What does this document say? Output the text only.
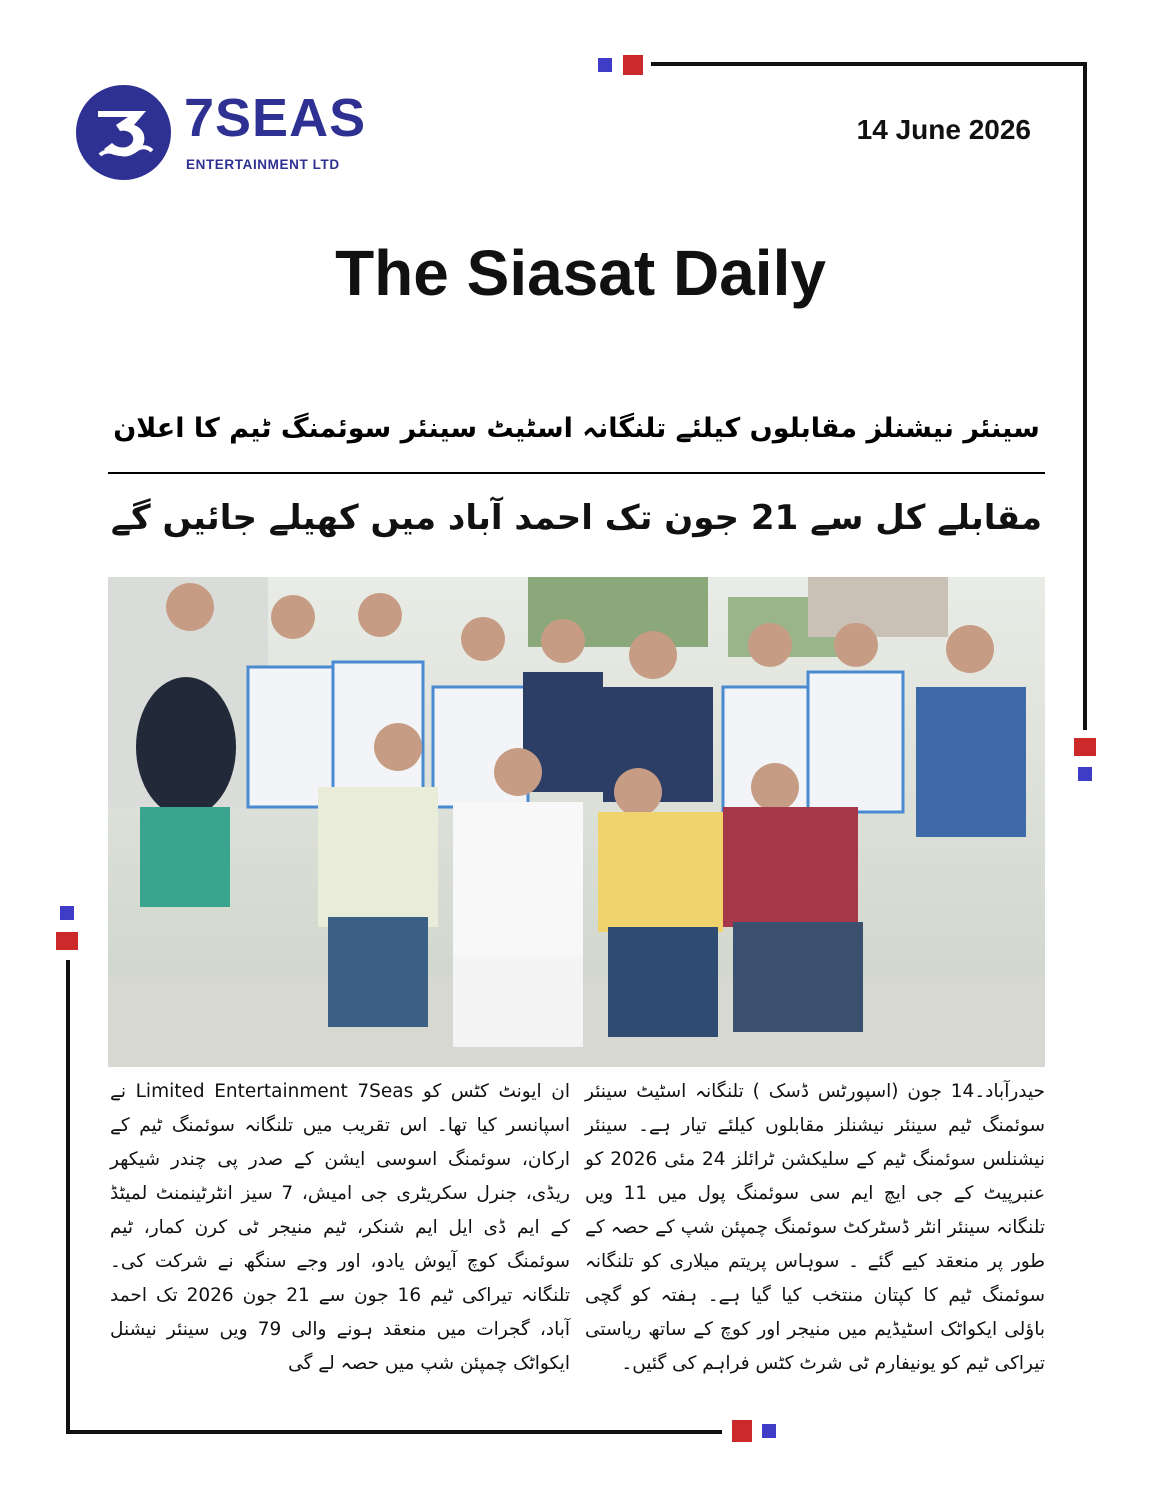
7SEAS
ENTERTAINMENT LTD
14 June 2026
The Siasat Daily
سینئر نیشنلز مقابلوں کیلئے تلنگانہ اسٹیٹ سینئر سوئمنگ ٹیم کا اعلان
مقابلے کل سے 21 جون تک احمد آباد میں کھیلے جائیں گے
حیدرآباد۔14 جون (اسپورٹس ڈسک ) تلنگانہ اسٹیٹ سینئر سوئمنگ ٹیم سینئر نیشنلز مقابلوں کیلئے تیار ہے۔ سینئر نیشنلس سوئمنگ ٹیم کے سلیکشن ٹرائلز 24 مئی 2026 کو عنبرپیٹ کے جی ایچ ایم سی سوئمنگ پول میں 11 ویں تلنگانہ سینئر انٹر ڈسٹرکٹ سوئمنگ چمپئن شپ کے حصہ کے طور پر منعقد کیے گئے ۔ سوہاس پریتم میلاری کو تلنگانہ سوئمنگ ٹیم کا کپتان منتخب کیا گیا ہے۔ ہفتہ کو گچی باؤلی ایکواٹک اسٹیڈیم میں منیجر اور کوچ کے ساتھ ریاستی تیراکی ٹیم کو یونیفارم ٹی شرٹ کٹس فراہم کی گئیں۔
ان ایونٹ کٹس کو Limited Entertainment 7Seas نے اسپانسر کیا تھا۔ اس تقریب میں تلنگانہ سوئمنگ ٹیم کے ارکان، سوئمنگ اسوسی ایشن کے صدر پی چندر شیکھر ریڈی، جنرل سکریٹری جی امیش، 7 سیز انٹرٹینمنٹ لمیٹڈ کے ایم ڈی ایل ایم شنکر، ٹیم منیجر ٹی کرن کمار، ٹیم سوئمنگ کوچ آیوش یادو، اور وجے سنگھ نے شرکت کی۔ تلنگانہ تیراکی ٹیم 16 جون سے 21 جون 2026 تک احمد آباد، گجرات میں منعقد ہونے والی 79 ویں سینئر نیشنل ایکواٹک چمپئن شپ میں حصہ لے گی
